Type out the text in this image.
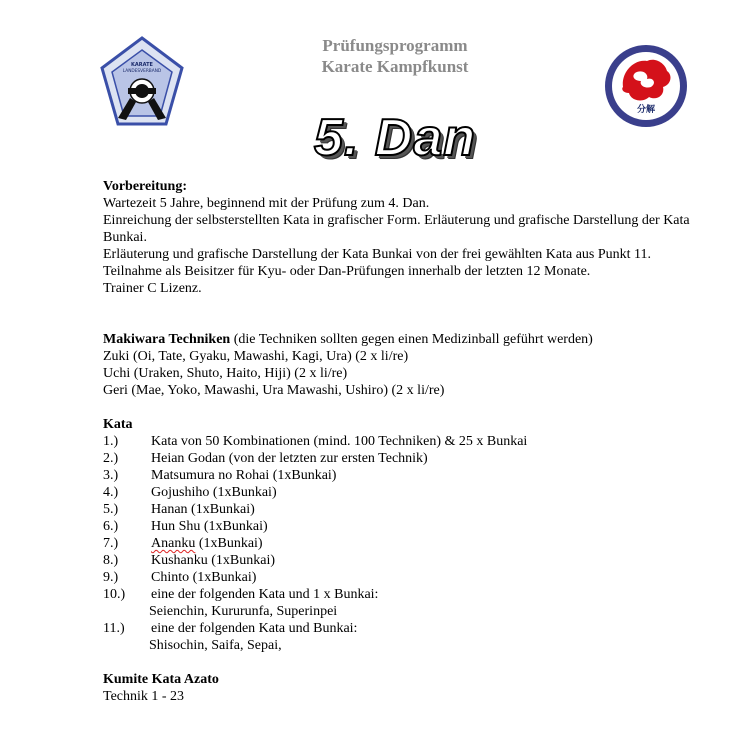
KARATE
LANDESVERBAND
Prüfungsprogramm
Karate Kampfkunst
分解
5. Dan
Vorbereitung:
Wartezeit 5 Jahre, beginnend mit der Prüfung zum 4. Dan.
Einreichung der selbsterstellten Kata in grafischer Form. Erläuterung und grafische Darstellung der Kata Bunkai.
Erläuterung und grafische Darstellung der Kata Bunkai von der frei gewählten Kata aus Punkt 11.
Teilnahme als Beisitzer für Kyu- oder Dan-Prüfungen innerhalb der letzten 12 Monate.
Trainer C Lizenz.
Makiwara Techniken (die Techniken sollten gegen einen Medizinball geführt werden)
Zuki (Oi, Tate, Gyaku, Mawashi, Kagi, Ura) (2 x li/re)
Uchi (Uraken, Shuto, Haito, Hiji) (2 x li/re)
Geri (Mae, Yoko, Mawashi, Ura Mawashi, Ushiro) (2 x li/re)
Kata
1.)	Kata von 50 Kombinationen (mind. 100 Techniken) & 25 x Bunkai
2.)	Heian Godan (von der letzten zur ersten Technik)
3.)	Matsumura no Rohai (1xBunkai)
4.)	Gojushiho (1xBunkai)
5.)	Hanan (1xBunkai)
6.)	Hun Shu (1xBunkai)
7.)	Ananku (1xBunkai)
8.)	Kushanku (1xBunkai)
9.)	Chinto (1xBunkai)
10.)	eine der folgenden Kata und 1 x Bunkai:
Seienchin, Kururunfa, Superinpei
11.)	eine der folgenden Kata und Bunkai:
Shisochin, Saifa, Sepai,
Kumite Kata Azato
Technik 1 - 23
